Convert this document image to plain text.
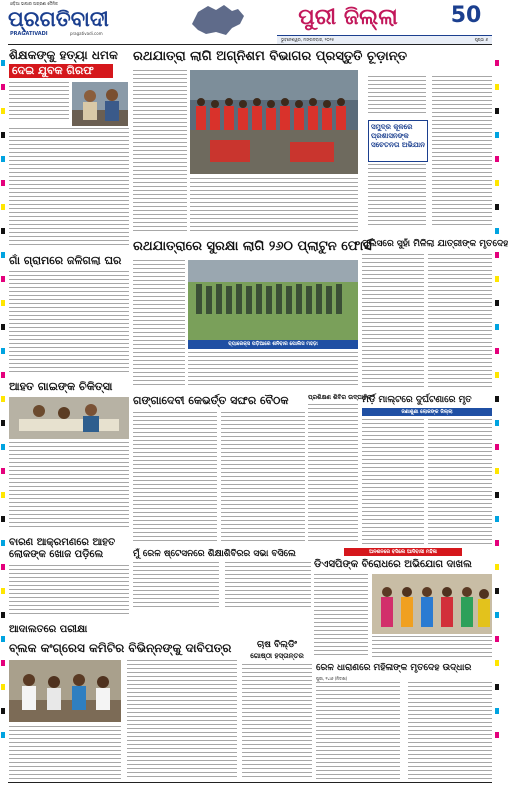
ଓଡ଼ିଆ ଭାଷାର ଅଗ୍ରଣୀ ଦୈନିକ
ପ୍ରଗତିବାଦୀ
PRAGATIVADI	pragativadi.com
ପୁରୀ ଜିଲ୍ଲା	50
ଭୁବନେଶ୍ୱର, ମଙ୍ଗଳବାର, ୨୦୨୫	ପୃଷ୍ଠା ୬
ଶିକ୍ଷକଙ୍କୁ ହତ୍ୟା ଧମକ
ଦେଇ ଯୁବକ ଗିରଫ
ଗାଁ ଗ୍ରାମରେ ଜଳିଗଲା ଘର
ଆହତ ଗାଇଙ୍କ ଚିକିତ୍ସା
ବାରଣ ଆକ୍ରମଣରେ ଆହତ ଲୋକଙ୍କ ଖୋଜ ପଡ଼ିଲେ
ରଥଯାତ୍ରା ଲାଗି ଅଗ୍ନିଶମ ବିଭାଗର ପ୍ରସ୍ତୁତି ଚୂଡ଼ାନ୍ତ
ସମୁଦ୍ର କୂଳରେ ପ୍ରଶାସନଙ୍କ ସଚେତନତା ଅଭିଯାନ
ରଥଯାତ୍ରାରେ ସୁରକ୍ଷା ଲାଗି ୨୬୦ ପ୍ଲାଟୁନ ଫୋର୍ସ
ବ୍ୟାରେକ୍ସ ପଡ଼ିଆରେ ଶନିବାର ପୋଲିସ ମହଡ଼ା
ପୁଲିସରେ ସୁହାଁ ମିଳିଲା ଯାତ୍ରୀଙ୍କ ମୃତଦେହ
ଗଙ୍ଗାଦେବୀ କେଭର୍ତ୍ତ ସଙ୍ଘର ବୈଠକ	ପ୍ରଶିକ୍ଷଣ ଶିବିର ଉଦ୍‌ଘାଟିତ
ମର୍ଡ଼ି ମାଲ୍ଟରେ ଦୁର୍ଘଟଣାରେ ମୃତ
ଜଣାଶୁଣା ଲୋକଙ୍କ ଜିଲ୍ଲା
ମୁଁ ରେଳ ଷ୍ଟେସନରେ ଶିକ୍ଷାଶିବିରର ସଭା ବସିଲେ	ଅନଶନରେ ବସିଲେ ଆଦିବାସୀ ମହିଳା
ଡିଏସପିଙ୍କ ବିରୋଧରେ ଅଭିଯୋଗ ଦାଖଲ
ଆଦାଲତରେ ପରୀକ୍ଷା
ବ୍ଲକ କଂଗ୍ରେସ କମିଟିର ବିଭିନ୍ନଙ୍କୁ ଦାବିପତ୍ର	ଚାଷ ବିଲ୍ଡିଂ
ଗୋଷ୍ଠୀ ହସ୍ତାନ୍ତର
ରେଳ ଧାରାଣରେ ମହିଳାଙ୍କ ମୃତଦେହ ଉଦ୍ଧାର
ପୁରୀ, ୨୪ା୬ (ନିଦାଖ)
